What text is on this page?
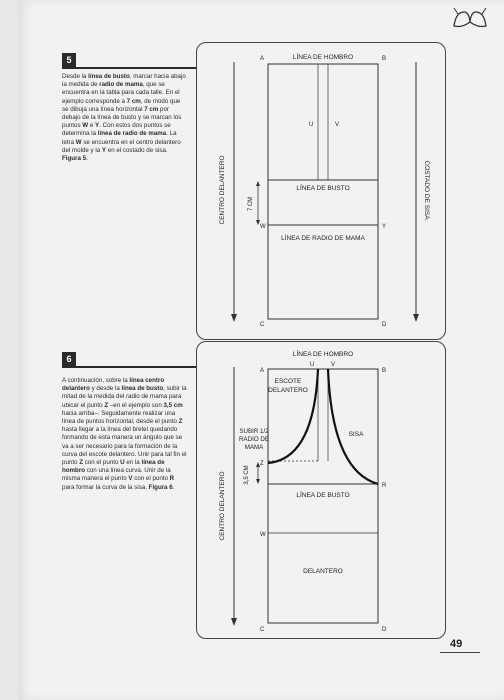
5
Desde la línea de busto, marcar hacia abajo la medida de radio de mama, que se encuentra en la tabla para cada talle. En el ejemplo corresponde a 7 cm, de modo que se dibuja una línea horizontal 7 cm por debajo de la línea de busto y se marcan los puntos W e Y. Con estos dos puntos se determina la línea de radio de mama. La letra W se encuentra en el centro delantero del molde y la Y en el costado de sisa. Figura 5.
LÍNEA DE HOMBRO
LÍNEA DE BUSTO
LÍNEA DE RADIO DE MAMA
CENTRO DELANTERO	COSTADO DE SISA
7 CM
A	B
U	V
W	Y
C	D
6
A continuación, sobre la línea centro delantero y desde la línea de busto, subir la mitad de la medida del radio de mama para ubicar el punto Z –en el ejemplo son 3,5 cm hacia arriba–. Seguidamente realizar una línea de puntos horizontal, desde el punto Z hasta llegar a la línea del bretel quedando formando de esta manera un ángulo que se va a ser necesario para la formación de la curva del escote delantero. Unir para tal fin el punto Z con el punto U en la línea de hombro con una línea curva. Unir de la misma manera el punto V con el punto R para formar la curva de la sisa. Figura 6.
LÍNEA DE HOMBRO
ESCOTE
DELANTERO
SISA
SUBIR 1/2
RADIO DE
MAMA
3,5 CM
LÍNEA DE BUSTO
CENTRO DELANTERO
DELANTERO
A	B
U	V
Z
R
W
C	D
49
